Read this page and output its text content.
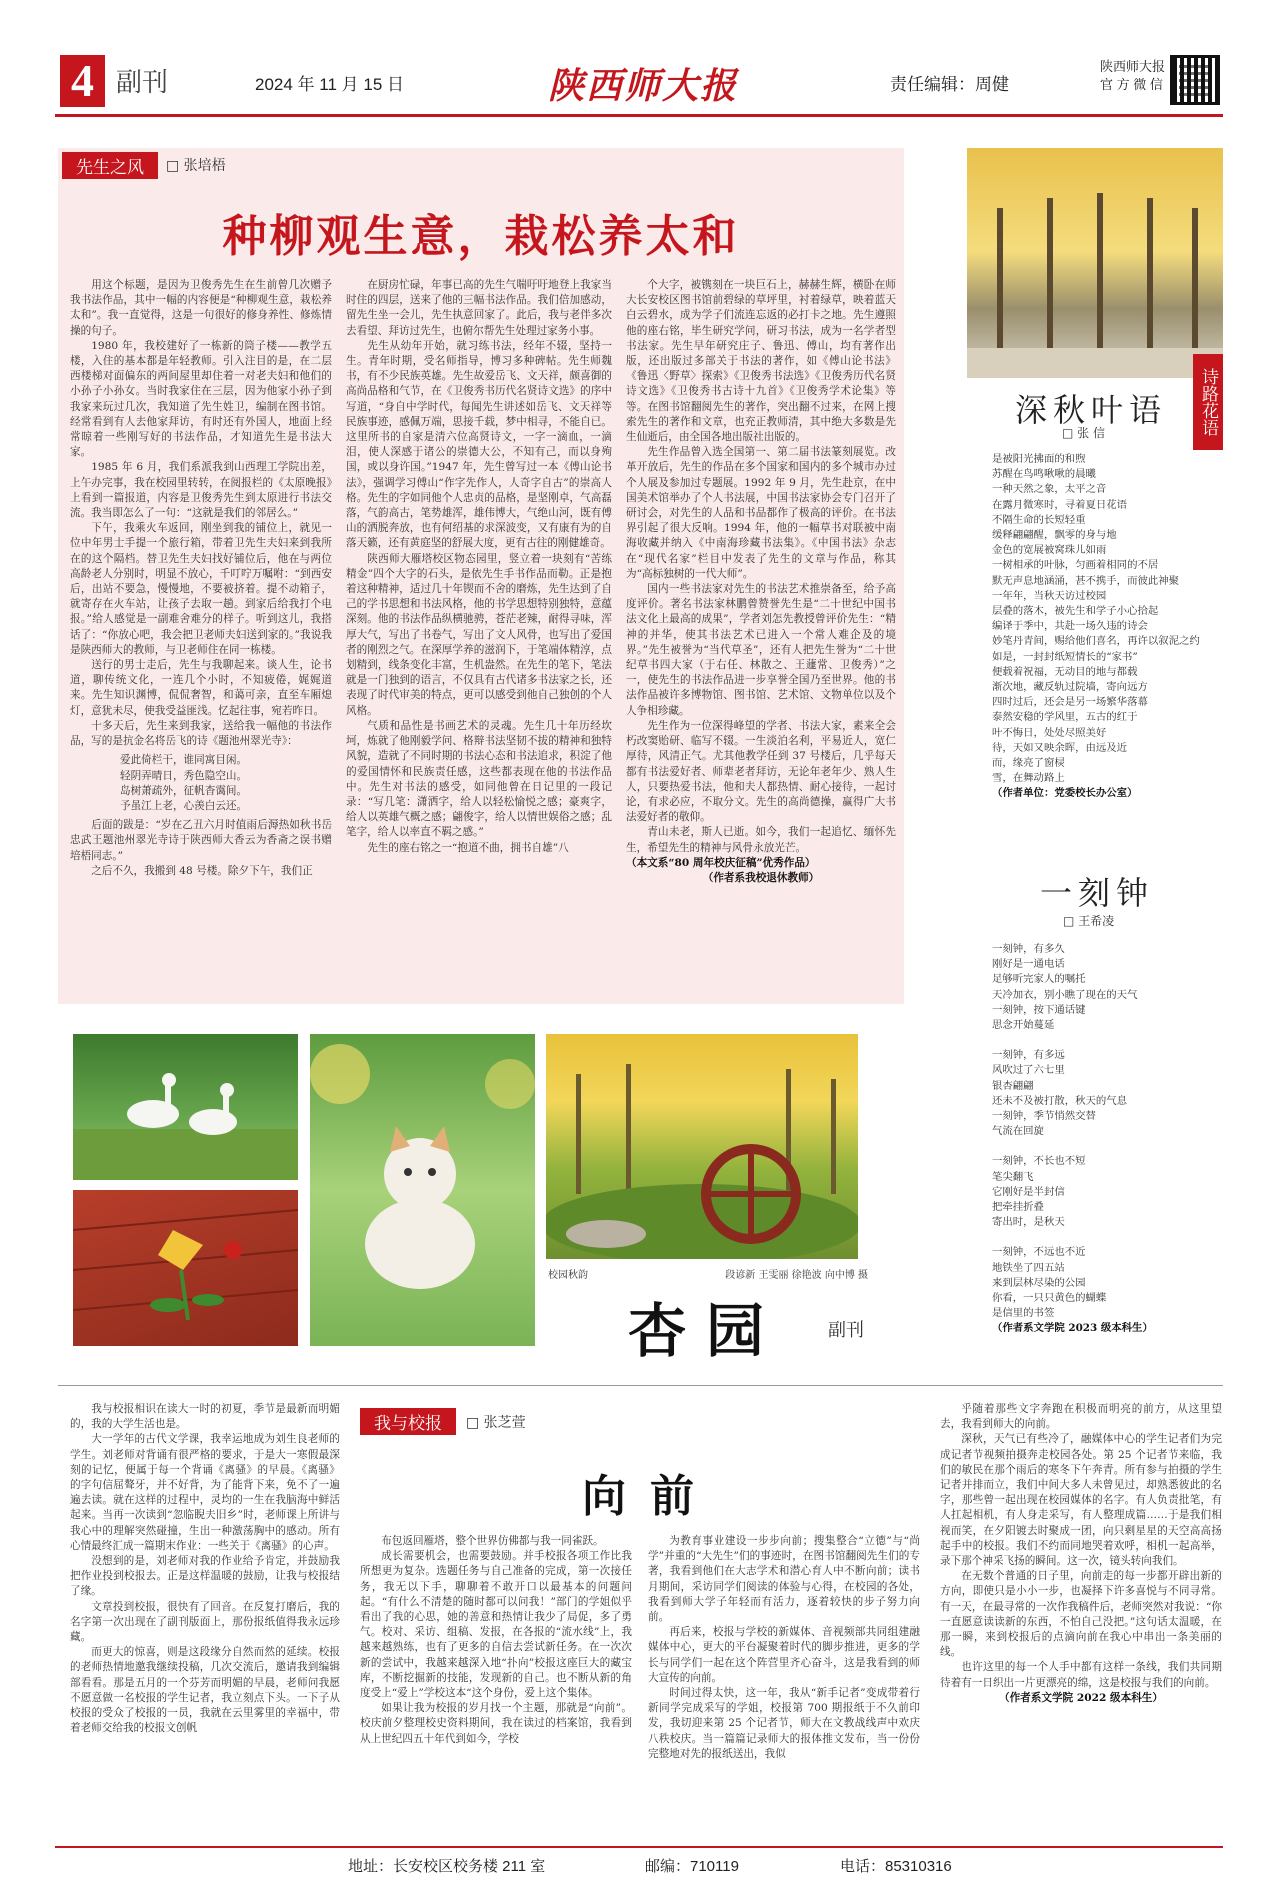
4 副刊	2024 年 11 月 15 日	陕西师大报	责任编辑：周健
陕西师大报
官 方 微 信
先生之风	□ 张培梧
种柳观生意，栽松养太和

用这个标题，是因为卫俊秀先生在生前曾几次赠予我书法作品，其中一幅的内容便是“种柳观生意，栽松养太和”。我一直觉得，这是一句很好的修身养性、修炼情操的句子。

1980 年，我校建好了一栋新的筒子楼——教学五楼，入住的基本都是年轻教师。引入注目的是，在二层西楼梯对面偏东的两间屋里却住着一对老夫妇和他们的小孙子小孙女。当时我家住在三层，因为他家小孙子到我家来玩过几次，我知道了先生姓卫，编制在图书馆。经常看到有人去他家拜访，有时还有外国人，地面上经常晾着一些刚写好的书法作品，才知道先生是书法大家。

1985 年 6 月，我们系派我到山西理工学院出差，上午办完事，我在校园里转转，在阅报栏的《太原晚报》上看到一篇报道，内容是卫俊秀先生到太原进行书法交流。我当即怎么了一句：“这就是我们的邻居么。”

下午，我乘火车返回，刚坐到我的铺位上，就见一位中年男士手提一个旅行箱，带着卫先生夫妇来到我所在的这个隔档。替卫先生夫妇找好铺位后，他在与两位高龄老人分别时，明显不放心，千叮咛万嘱咐：“到西安后，出站不要急，慢慢地，不要被挤着。提不动箱子，就寄存在火车站，让孩子去取一趟。到家后给我打个电报。”给人感觉是一副难舍难分的样子。听到这儿，我搭话了：“你放心吧，我会把卫老师夫妇送到家的。”我说我是陕西师大的教师，与卫老师住在同一栋楼。

送行的男士走后，先生与我聊起来。谈人生，论书道，聊传统文化，一连几个小时，不知疲倦，娓娓道来。先生知识渊博，侃侃奢智，和蔼可亲，直至车厢熄灯，意犹未尽，使我受益匪浅。忆起往事，宛若昨日。

十多天后，先生来到我家，送给我一幅他的书法作品，写的是抗金名将岳飞的诗《题池州翠光寺》：

爱此倚栏干，谁同寓目闲。
轻阴弄晴日，秀色隐空山。
岛树萧疏外，征帆杳霭间。
予虽江上老，心羡白云还。

后面的跋是：“岁在乙丑六月时值雨后溽热如秋书岳忠武王题池州翠光寺诗于陕西师大香云为香斋之误书赠培梧同志。”

之后不久，我搬到 48 号楼。除夕下午，我们正

在厨房忙碌，年事已高的先生气喘吁吁地登上我家当时住的四层，送来了他的三幅书法作品。我们倍加感动，留先生坐一会儿，先生执意回家了。此后，我与老伴多次去看望、拜访过先生，也俯尔帮先生处理过家务小事。

先生从幼年开始，就习练书法，经年不辍，坚持一生。青年时期，受名师指导，博习多种碑帖。先生师魏书，有不少民族英雄。先生故爱岳飞、文天祥，颇喜御的高尚品格和气节，在《卫俊秀书历代名贤诗文选》的序中写道，“身自中学时代，每闻先生讲述如岳飞、文天祥等民族事迹，感佩万端，思接千载，梦中相寻，不能自已。这里所书的自家是清六位高贤诗文，一字一滴血，一滴泪，使人深感于诸公的崇德大公，不知有己，而以身殉国，或以身许国。”1947 年，先生曾写过一本《傅山论书法》，强调学习傅山“作字先作人，人奇字自古”的崇高人格。先生的字如同他个人忠贞的品格，是坚刚卓，气高磊落，气韵高古，笔势雄浑，雄伟博大，气绝山河，既有傅山的洒脱奔放，也有何绍基的求深波变，又有康有为的自落天籁，还有黄庭坚的舒展大度，更有古往的刚健雄奇。

陕西师大雁塔校区物态园里，竖立着一块刻有“苦练精金”四个大字的石头，是依先生手书作品而勒。正是抱着这种精神，适过几十年锲而不舍的磨炼，先生达到了自己的学书思想和书法风格，他的书学思想特别独特，意蕴深刻。他的书法作品纵横驰骋，苍茫老辣，耐得寻味，浑厚大气，写出了书卷气，写出了文人风骨，也写出了爱国者的刚烈之气。在深厚学养的滋润下，于笔端体精淳，点划精到，线条变化丰富，生机盎然。在先生的笔下，笔法就是一门独到的语言，不仅具有古代诸多书法家之长，还表现了时代审美的特点，更可以感受到他自己独创的个人风格。

气质和品性是书画艺术的灵魂。先生几十年历经坎坷，炼就了他刚毅学问、格辩书法坚韧不拔的精神和独特风貌，造就了不同时期的书法心态和书法追求，积淀了他的爱国情怀和民族责任感，这些都表现在他的书法作品中。先生对书法的感受，如同他曾在日记里的一段记录：“写几笔：潇洒字，给人以轻松愉悦之感；豪爽字，给人以英雄气概之感；翩俊字，给人以情世娱俗之感；乱笔字，给人以率直不羁之感。”

先生的座右铭之一“抱道不曲，拥书自雄”八

个大字，被镌刻在一块巨石上，赫赫生辉，横卧在师大长安校区图书馆前碧绿的草坪里，衬着绿草，映着蓝天白云碧水，成为学子们流连忘返的必打卡之地。先生遵照他的座右铭，毕生研究学问，研习书法，成为一名学者型书法家。先生早年研究庄子、鲁迅、傅山，均有著作出版，还出版过多部关于书法的著作，如《傅山论书法》《鲁迅〈野草〉探索》《卫俊秀书法选》《卫俊秀历代名贤诗文选》《卫俊秀书古诗十九首》《卫俊秀学术论集》等等。在图书馆翻阅先生的著作，突出翻不过来，在网上搜索先生的著作和文章，也充正教师清，其中绝大多数是先生仙逝后，由全国各地出版社出版的。

先生作品曾入选全国第一、第二届书法篆刻展览。改革开放后，先生的作品在多个国家和国内的多个城市办过个人展及参加过专题展。1992 年 9 月，先生赴京，在中国美术馆举办了个人书法展，中国书法家协会专门召开了研讨会，对先生的人品和书品都作了极高的评价。在书法界引起了很大反响。1994 年，他的一幅草书对联被中南海收藏并纳入《中南海珍藏书法集》。《中国书法》杂志在“现代名家”栏目中发表了先生的文章与作品，称其为“高标独树的一代大师”。

国内一些书法家对先生的书法艺术推崇备至，给予高度评价。著名书法家林鹏曾赞誉先生是“二十世纪中国书法文化上最高的成果”，学者刘怎先教授曾评价先生：“精神的并华，使其书法艺术已进入一个常人难企及的境界。”先生被誉为“当代草圣”，还有人把先生誉为“二十世纪草书四大家（于右任、林散之、王蘧常、卫俊秀）”之一，使先生的书法作品进一步享誉全国乃至世界。他的书法作品被许多博物馆、图书馆、艺术馆、文物单位以及个人争相珍藏。

先生作为一位深得峰望的学者、书法大家，素来全会朽改窦贻研、临写不辍。一生淡泊名利，平易近人，宽仁厚待，风清正气。尤其他教学任到 37 号楼后，几乎每天都有书法爱好者、师辈老者拜访，无论年老年少、熟人生人，只要热爱书法，他和夫人都热情、耐心接待，一起讨论，有求必应，不取分文。先生的高尚德操，赢得广大书法爱好者的敬仰。

青山未老，斯人已逝。如今，我们一起追忆、缅怀先生，希望先生的精神与风骨永放光芒。

（本文系“80 周年校庆征稿”优秀作品）
（作者系我校退休教师）
校园秋韵	段谚新 王雯丽 徐艳波 向中博 摄
杏园 副刊
诗路花语
深秋叶语
□ 张 信
是被阳光拂面的和煦
苏醒在鸟鸣啾啾的晨曦
一种天然之象，太平之音
在露月微寒时，寻着夏日花语
不隔生命的长短轻重
缓释翩翩醒，飘零的身与地
金色的宽展被窝珠儿如雨
一树相承的叶脉，匀画着相同的不居
默无声息地涵涌，甚不携手，而彼此神聚
一年年，当秋天访过校园
层叠的落木，被先生和学子小心拾起
编译于季中，共赴一场久违的诗会
妙笔丹青间，赐给他们喜名，再许以叙泥之约
如是，一封封纸短情长的“家书”
便载着祝福，无动目的地与都载
渐次地，藏反轨过院墙，寄向远方
四时过后，还会是另一场繁华落幕
泰然安稳的学风里，五古的红于
叶不悔日，处处尽照美好
待，天如又映余晖，由远及近
而，缘亮了窗棂
雪，在舞动路上
（作者单位：党委校长办公室）
一刻钟
□ 王希凌
一刻钟，有多久
刚好是一通电话
足够听完家人的嘱托
天冷加衣，别小瞧了现在的天气
一刻钟，按下通话键
思念开始蔓延
一刻钟，有多远
风吹过了六七里
银杏翩翩
还未不及被打散，秋天的气息
一刻钟，季节悄然交替
气流在回旋
一刻钟，不长也不短
笔尖翻飞
它刚好是半封信
把牵挂折叠
寄出时，是秋天
一刻钟，不远也不近
地铁坐了四五站
来到层林尽染的公园
你看，一只只黄色的蝴蝶
是信里的书签
（作者系文学院 2023 级本科生）
我与校报	□ 张芝萱
向前

我与校报相识在读大一时的初夏，季节是最新而明媚的，我的大学生活也是。

大一学年的古代文学课，我幸运地成为刘生良老师的学生。刘老师对背诵有很严格的要求，于是大一寒假最深刻的记忆，便属于每一个背诵《离骚》的早晨。《离骚》的字句信屈聱牙，并不好背，为了能背下来，免不了一遍遍去读。就在这样的过程中，灵均的一生在我脑海中鲜活起来。当再一次读到“忽临睨夫旧乡”时，老师课上所讲与我心中的理解突然碰撞，生出一种激荡胸中的感动。所有心情最终汇成一篇期末作业：一些关于《离骚》的心声。

没想到的是，刘老师对我的作业给予肯定，并鼓励我把作业投到校报去。正是这样温暖的鼓励，让我与校报结了缘。

文章投到校报，很快有了回音。在反复打磨后，我的名字第一次出现在了副刊版面上，那份报纸值得我永远珍藏。

而更大的惊喜，则是这段缘分自然而然的延续。校报的老师热情地邀我继续投稿，几次交流后，邀请我到编辑部看看。那是五月的一个芬芳而明媚的早晨，老师问我愿不愿意做一名校报的学生记者，我立刻点下头。一下子从校报的受众了校报的一员，我就在云里雾里的幸福中，带着老师交给我的校报文创帆

布包返回雁塔，整个世界仿佛都与我一同雀跃。

成长需要机会，也需要鼓励。并手校报各项工作比我所想更为复杂。选题任务与自己准备的完成，第一次接任务，我无以下手，聊聊着不敢开口以最基本的问题问起。“有什么不清楚的随时都可以问我！”部门的学姐似乎看出了我的心思，她的善意和热情让我少了局促，多了勇气。校对、采访、组稿、发报，在各报的“流水线”上，我越来越熟练，也有了更多的自信去尝试新任务。在一次次新的尝试中，我越来越深入地“扑向”校报这座巨大的藏宝库，不断挖掘新的技能，发现新的自己。也不断从新的角度受上“爱上”学校这本“这个身份，爱上这个集体。

如果让我为校报的岁月找一个主题，那就是“向前”。校庆前夕整理校史资料期间，我在读过的档案馆，我看到从上世纪四五十年代到如今，学校

为教育事业建设一步步向前；搜集整合“立德”与“尚学”并重的“大先生”们的事迹时，在图书馆翻阅先生们的专著，我看到他们在大志学术和潜心育人中不断向前；读书月期间，采访同学们阅读的体验与心得，在校园的各处，我看到师大学子年轻而有活力，逐着较快的步子努力向前。

再后来，校报与学校的新媒体、音视频部共同组建融媒体中心，更大的平台凝聚着时代的脚步推进，更多的学长与同学们一起在这个阵营里齐心奋斗，这是我看到的师大宣传的向前。

时间过得太快，这一年，我从“新手记者”变成带着行新同学完成采写的学姐，校报第 700 期报纸于不久前印发，我切迎来第 25 个记者节，师大在文教战线声中欢庆八秩校庆。当一篇篇记录师大的报体推文发布，当一份份完整地对先的报纸送出，我似

乎随着那些文字奔跑在积极而明亮的前方，从这里望去，我看到师大的向前。

深秋，天气已有些冷了，融媒体中心的学生记者们为完成记者节视频拍摄奔走校园各处。第 25 个记者节来临，我们的敏民在那个雨后的寒冬下午奔青。所有参与拍摄的学生记者并排而立，我们中间大多人未曾见过，却熟悉彼此的名字，那些曾一起出现在校园媒体的名字。有人负责批笔，有人扛起相机，有人身走采写，有人整理成篇……于是我们相视而笑，在夕阳镀去时聚成一团，向只剩星星的天空高高扬起手中的校报。我们不约而同地哭着欢呼，相机一起高举，录下那个神采飞扬的瞬间。这一次，镜头转向我们。

在无数个普通的日子里，向前走的每一步都开辟出新的方向，即使只是小小一步，也凝择下许多喜悦与不同寻常。有一天，在最寻常的一次作我稿件后，老师突然对我说：“你一直愿意读读新的东西，不怕自己没把。”这句话太温暖，在那一瞬，来到校报后的点滴向前在我心中串出一条美丽的线。

也许这里的每一个人手中都有这样一条线，我们共同期待着有一日织出一片更漂亮的绵，这是校报与我们的向前。

（作者系文学院 2022 级本科生）
地址：长安校区校务楼 211 室	邮编：710119	电话：85310316
